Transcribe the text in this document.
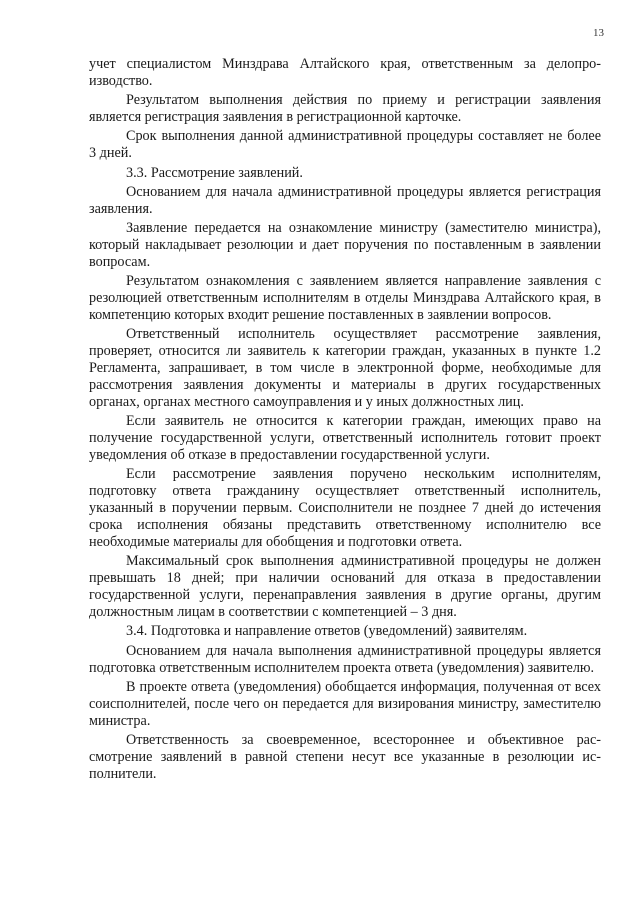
13

учет специалистом Минздрава Алтайского края, ответственным за делопроизводство.

Результатом выполнения действия по приему и регистрации заявления является регистрация заявления в регистрационной карточке.

Срок выполнения данной административной процедуры составляет не более 3 дней.

3.3. Рассмотрение заявлений.

Основанием для начала административной процедуры является регистрация заявления.

Заявление передается на ознакомление министру (заместителю министра), который накладывает резолюции и дает поручения по поставленным в заявлении вопросам.

Результатом ознакомления с заявлением является направление заявления с резолюцией ответственным исполнителям в отделы Минздрава Алтайского края, в компетенцию которых входит решение поставленных в заявлении вопросов.

Ответственный исполнитель осуществляет рассмотрение заявления, проверяет, относится ли заявитель к категории граждан, указанных в пункте 1.2 Регламента, запрашивает, в том числе в электронной форме, необходимые для рассмотрения заявления документы и материалы в других государственных органах, органах местного самоуправления и у иных должностных лиц.

Если заявитель не относится к категории граждан, имеющих право на получение государственной услуги, ответственный исполнитель готовит проект уведомления об отказе в предоставлении государственной услуги.

Если рассмотрение заявления поручено нескольким исполнителям, подготовку ответа гражданину осуществляет ответственный исполнитель, указанный в поручении первым. Соисполнители не позднее 7 дней до истечения срока исполнения обязаны представить ответственному исполнителю все необходимые материалы для обобщения и подготовки ответа.

Максимальный срок выполнения административной процедуры не должен превышать 18 дней; при наличии оснований для отказа в предоставлении государственной услуги, перенаправления заявления в другие органы, другим должностным лицам в соответствии с компетенцией – 3 дня.

3.4. Подготовка и направление ответов (уведомлений) заявителям.

Основанием для начала выполнения административной процедуры является подготовка ответственным исполнителем проекта ответа (уведомления) заявителю.

В проекте ответа (уведомления) обобщается информация, полученная от всех соисполнителей, после чего он передается для визирования министру, заместителю министра.

Ответственность за своевременное, всестороннее и объективное рассмотрение заявлений в равной степени несут все указанные в резолюции исполнители.
